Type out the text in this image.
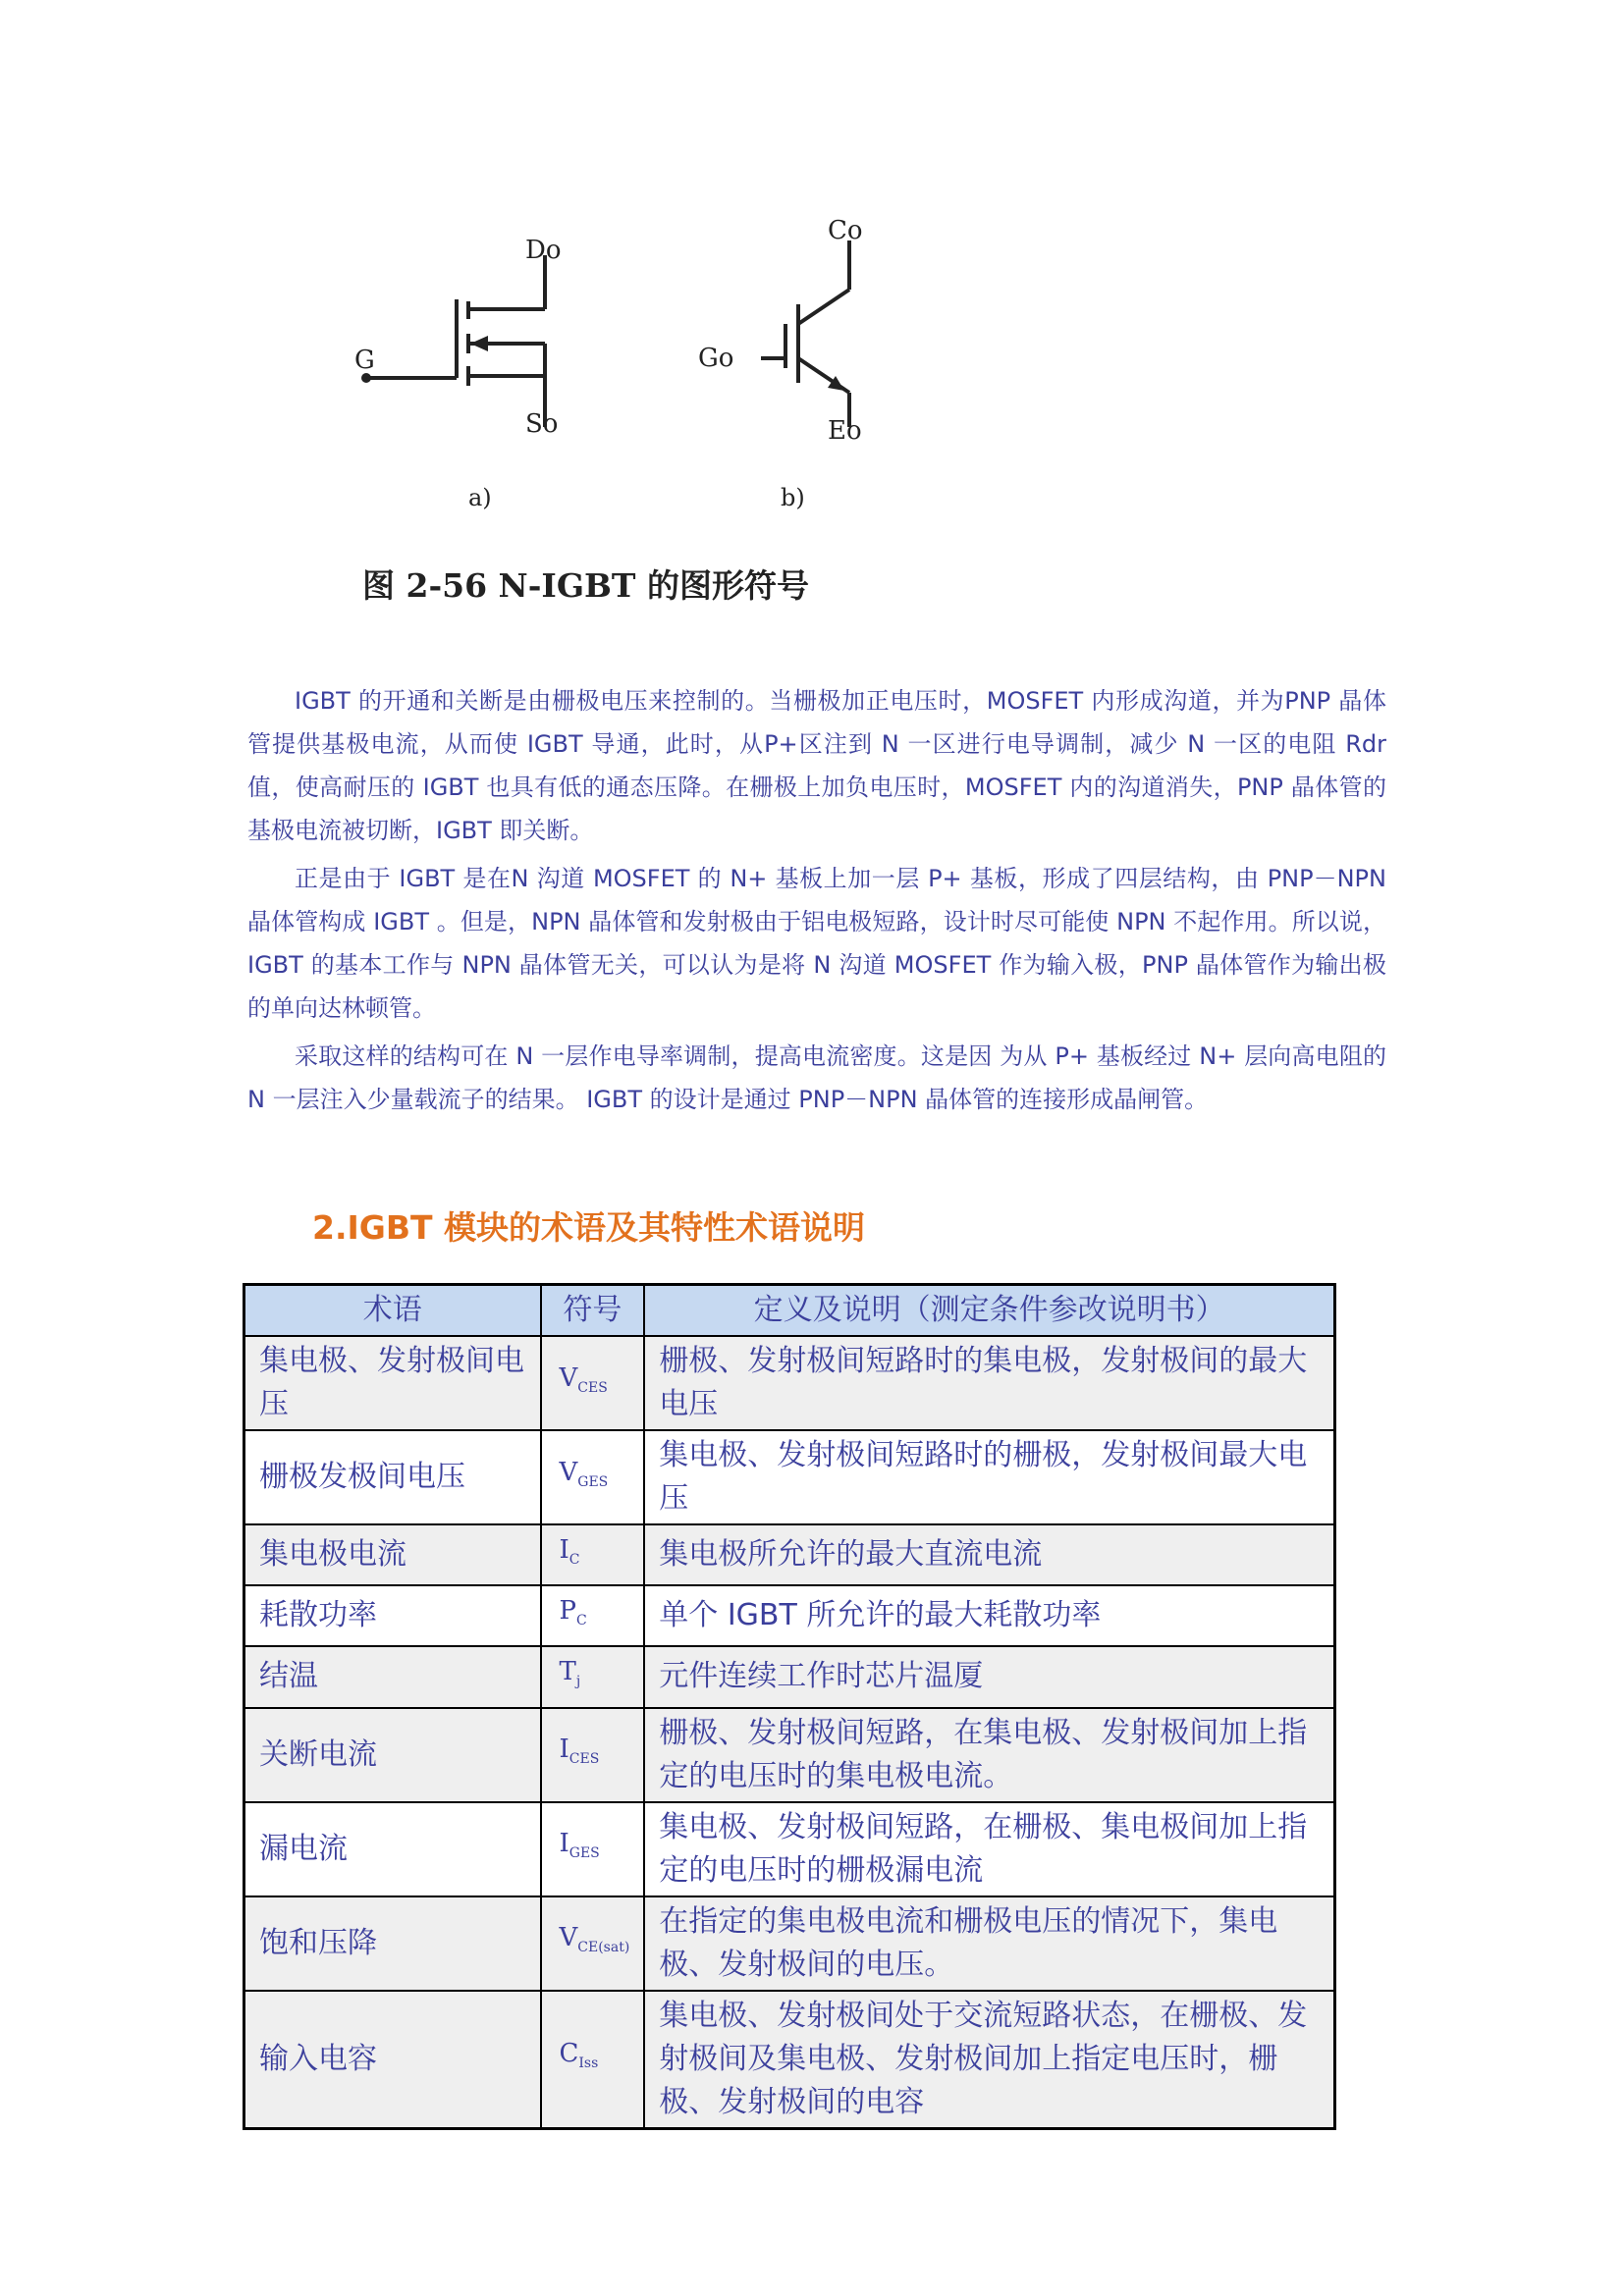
Do
G
So
Co
Go
Eo
a)	b)
图 2-56 N-IGBT 的图形符号

IGBT 的开通和关断是由栅极电压来控制的。当栅极加正电压时，MOSFET 内形成沟道，并为PNP 晶体管提供基极电流，从而使 IGBT 导通，此时，从P+区注到 N 一区进行电导调制，减少 N 一区的电阻 Rdr 值，使高耐压的 IGBT 也具有低的通态压降。在栅极上加负电压时，MOSFET 内的沟道消失，PNP 晶体管的基极电流被切断，IGBT 即关断。

正是由于 IGBT 是在N 沟道 MOSFET 的 N+ 基板上加一层 P+ 基板，形成了四层结构，由 PNP－NPN 晶体管构成 IGBT 。但是，NPN 晶体管和发射极由于铝电极短路，设计时尽可能使 NPN 不起作用。所以说， IGBT 的基本工作与 NPN 晶体管无关，可以认为是将 N 沟道 MOSFET 作为输入极，PNP 晶体管作为输出极的单向达林顿管。

采取这样的结构可在 N 一层作电导率调制，提高电流密度。这是因 为从 P+ 基板经过 N+ 层向高电阻的 N 一层注入少量载流子的结果。 IGBT 的设计是通过 PNP－NPN 晶体管的连接形成晶闸管。

2.IGBT 模块的术语及其特性术语说明
术语	符号	定义及说明（测定条件参改说明书）
集电极、发射极间电压	$V_{CES}$	栅极、发射极间短路时的集电极，发射极间的最大电压
栅极发极间电压	$V_{GES}$	集电极、发射极间短路时的栅极，发射极间最大电压
集电极电流	$I_C$	集电极所允许的最大直流电流
耗散功率	$P_C$	单个 IGBT 所允许的最大耗散功率
结温	$T_j$	元件连续工作时芯片温厦
关断电流	$I_{CES}$	栅极、发射极间短路，在集电极、发射极间加上指定的电压时的集电极电流。
漏电流	$I_{GES}$	集电极、发射极间短路，在栅极、集电极间加上指定的电压时的栅极漏电流
饱和压降	$V_{CE(sat)}$	在指定的集电极电流和栅极电压的情况下，集电极、发射极间的电压。
输入电容	$C_{Iss}$	集电极、发射极间处于交流短路状态，在栅极、发射极间及集电极、发射极间加上指定电压时，栅极、发射极间的电容
